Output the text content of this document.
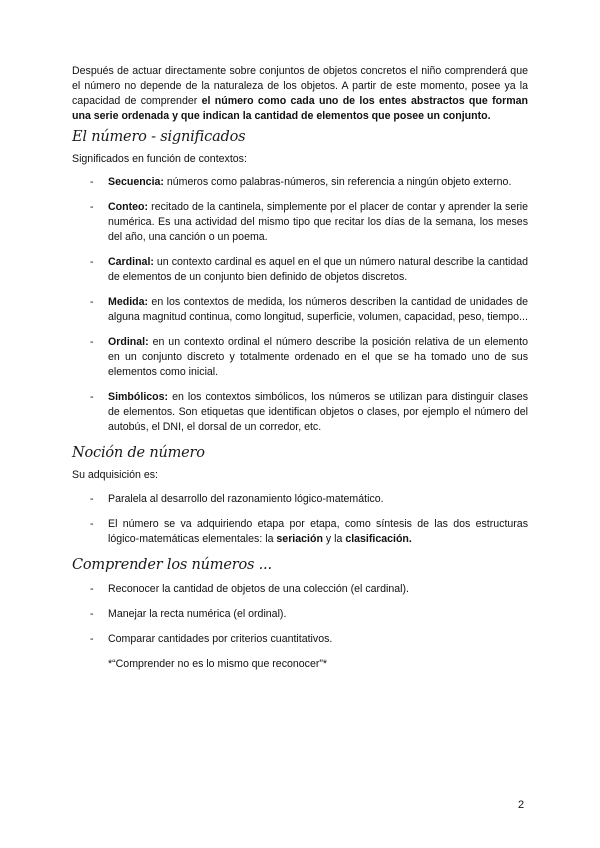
Después de actuar directamente sobre conjuntos de objetos concretos el niño comprenderá que el número no depende de la naturaleza de los objetos. A partir de este momento, posee ya la capacidad de comprender el número como cada uno de los entes abstractos que forman una serie ordenada y que indican la cantidad de elementos que posee un conjunto.

El número - significados

Significados en función de contextos:

- Secuencia: números como palabras-números, sin referencia a ningún objeto externo.
- Conteo: recitado de la cantinela, simplemente por el placer de contar y aprender la serie numérica. Es una actividad del mismo tipo que recitar los días de la semana, los meses del año, una canción o un poema.
- Cardinal: un contexto cardinal es aquel en el que un número natural describe la cantidad de elementos de un conjunto bien definido de objetos discretos.
- Medida: en los contextos de medida, los números describen la cantidad de unidades de alguna magnitud continua, como longitud, superficie, volumen, capacidad, peso, tiempo...
- Ordinal: en un contexto ordinal el número describe la posición relativa de un elemento en un conjunto discreto y totalmente ordenado en el que se ha tomado uno de sus elementos como inicial.
- Simbólicos: en los contextos simbólicos, los números se utilizan para distinguir clases de elementos. Son etiquetas que identifican objetos o clases, por ejemplo el número del autobús, el DNI, el dorsal de un corredor, etc.
Noción de número

Su adquisición es:

- Paralela al desarrollo del razonamiento lógico-matemático.
- El número se va adquiriendo etapa por etapa, como síntesis de las dos estructuras lógico-matemáticas elementales: la seriación y la clasificación.
Comprender los números ...
- Reconocer la cantidad de objetos de una colección (el cardinal).
- Manejar la recta numérica (el ordinal).
- Comparar cantidades por criterios cuantitativos.

*“Comprender no es lo mismo que reconocer”*

2
